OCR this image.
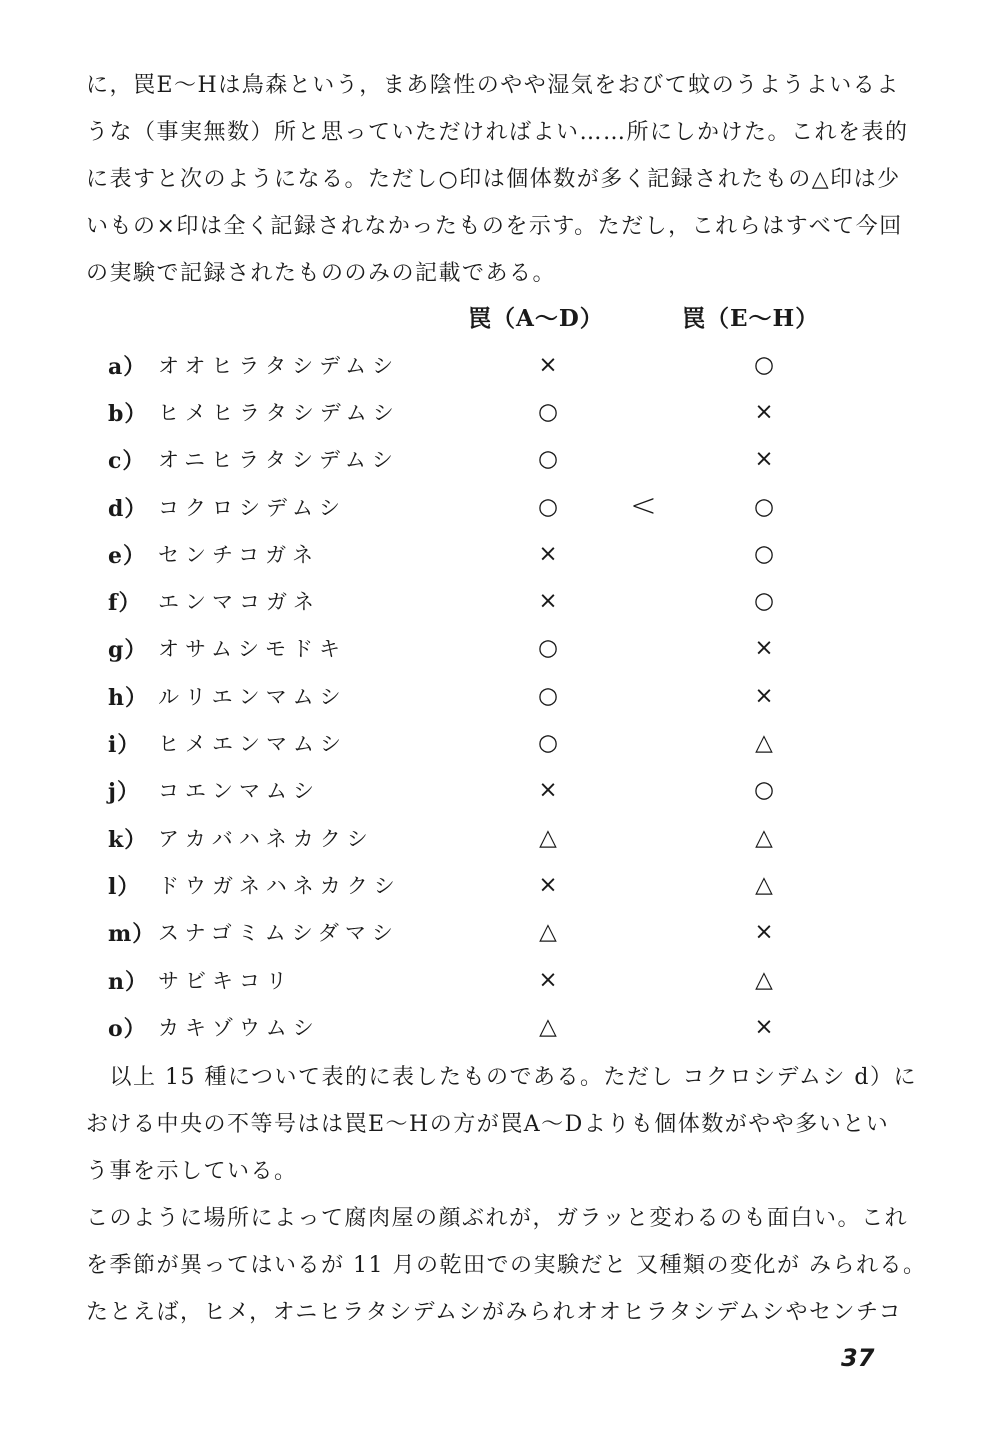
に，罠E～Hは鳥森という，まあ陰性のやや湿気をおびて蚊のうようよいるよ
うな（事実無数）所と思っていただければよい……所にしかけた。これを表的
に表すと次のようになる。ただし○印は個体数が多く記録されたもの△印は少
いもの×印は全く記録されなかったものを示す。ただし，これらはすべて今回
の実験で記録されたもののみの記載である。
罠（A～D）	罠（E～H）
a） オオヒラタシデムシ	×	○
b） ヒメヒラタシデムシ	○	×
c） オニヒラタシデムシ	○	×
d） コクロシデムシ	○ <	○
e） センチコガネ	×	○
f） エンマコガネ	×	○
g） オサムシモドキ	○	×
h） ルリエンマムシ	○	×
i） ヒメエンマムシ	○	△
j） コエンマムシ	×	○
k） アカバハネカクシ	△	△
l） ドウガネハネカクシ	×	△
m） スナゴミムシダマシ	△	×
n） サビキコリ	×	△
o） カキゾウムシ	△	×
　以上 15 種について表的に表したものである。ただし コクロシデムシ d）に
おける中央の不等号はは罠E～Hの方が罠A～Dよりも個体数がやや多いとい
う事を示している。
このように場所によって腐肉屋の顔ぶれが，ガラッと変わるのも面白い。これ
を季節が異ってはいるが 11 月の乾田での実験だと 又種類の変化が みられる。
たとえば，ヒメ，オニヒラタシデムシがみられオオヒラタシデムシやセンチコ
37
